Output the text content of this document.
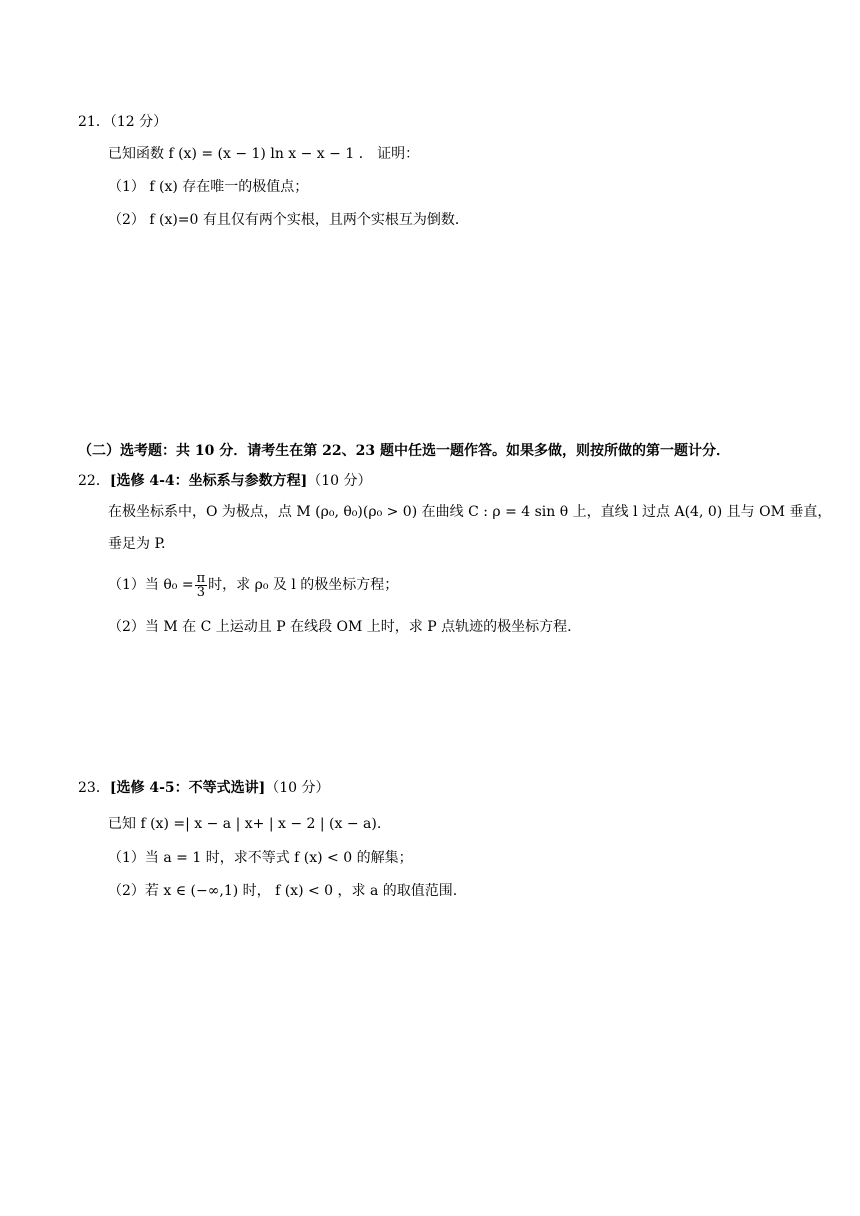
21．（12 分）
已知函数 f (x) = (x − 1) ln x − x − 1 ． 证明：
（1） f (x) 存在唯一的极值点；
（2） f (x)=0 有且仅有两个实根，且两个实根互为倒数．
（二）选考题：共 10 分．请考生在第 22、23 题中任选一题作答。如果多做，则按所做的第一题计分．
22．[选修 4-4：坐标系与参数方程]（10 分）
在极坐标系中，O 为极点，点 M (ρ₀, θ₀)(ρ₀ > 0) 在曲线 C : ρ = 4 sin θ 上，直线 l 过点 A(4, 0) 且与 OM 垂直，
垂足为 P.
（1）当 $\theta_0 = \frac{\pi}{3}$ 时，求 ρ₀ 及 l 的极坐标方程；
（2）当 M 在 C 上运动且 P 在线段 OM 上时，求 P 点轨迹的极坐标方程.
23．[选修 4-5：不等式选讲]（10 分）
已知 f (x) =| x − a | x+ | x − 2 | (x − a).
（1）当 a = 1 时，求不等式 f (x) < 0 的解集；
（2）若 x ∈ (−∞,1) 时， f (x) < 0 ，求 a 的取值范围.
